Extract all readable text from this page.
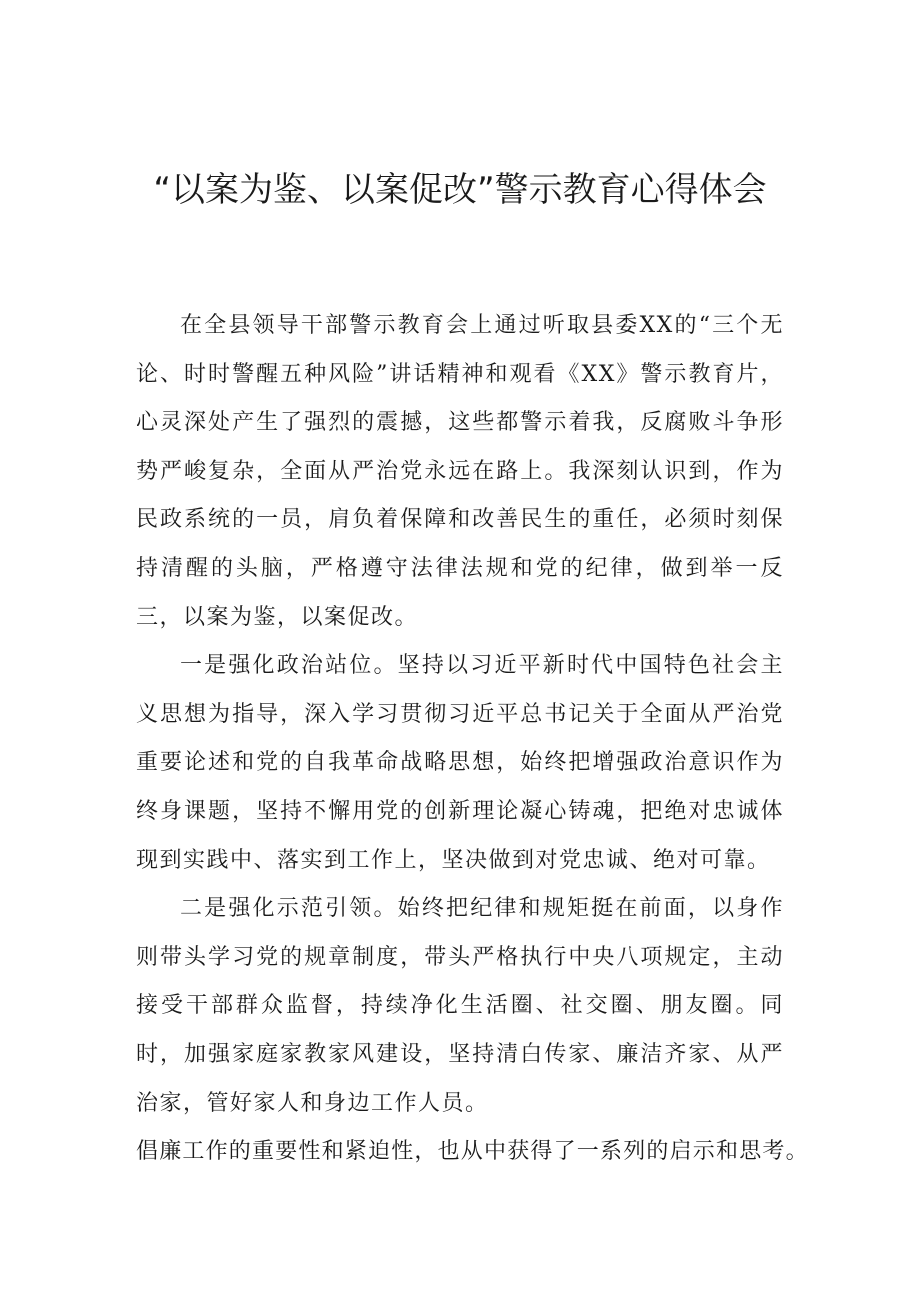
“以案为鉴、以案促改”警示教育心得体会

在全县领导干部警示教育会上通过听取县委XX的“三个无论、时时警醒五种风险”讲话精神和观看《XX》警示教育片，心灵深处产生了强烈的震撼，这些都警示着我，反腐败斗争形势严峻复杂，全面从严治党永远在路上。我深刻认识到，作为民政系统的一员，肩负着保障和改善民生的重任，必须时刻保持清醒的头脑，严格遵守法律法规和党的纪律，做到举一反三，以案为鉴，以案促改。

一是强化政治站位。坚持以习近平新时代中国特色社会主义思想为指导，深入学习贯彻习近平总书记关于全面从严治党重要论述和党的自我革命战略思想，始终把增强政治意识作为终身课题，坚持不懈用党的创新理论凝心铸魂，把绝对忠诚体现到实践中、落实到工作上，坚决做到对党忠诚、绝对可靠。

二是强化示范引领。始终把纪律和规矩挺在前面，以身作则带头学习党的规章制度，带头严格执行中央八项规定，主动接受干部群众监督，持续净化生活圈、社交圈、朋友圈。同时，加强家庭家教家风建设，坚持清白传家、廉洁齐家、从严治家，管好家人和身边工作人员。

倡廉工作的重要性和紧迫性，也从中获得了一系列的启示和思考。
